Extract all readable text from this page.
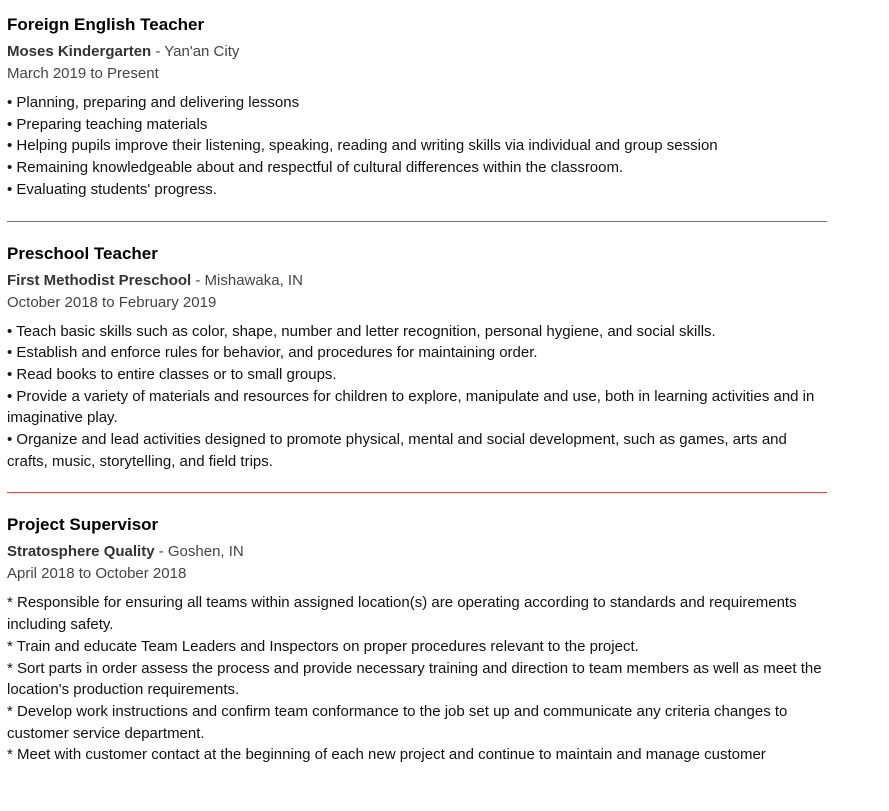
Foreign English Teacher
Moses Kindergarten - Yan'an City
March 2019 to Present
• Planning, preparing and delivering lessons
• Preparing teaching materials
• Helping pupils improve their listening, speaking, reading and writing skills via individual and group session
• Remaining knowledgeable about and respectful of cultural differences within the classroom.
• Evaluating students' progress.
Preschool Teacher
First Methodist Preschool - Mishawaka, IN
October 2018 to February 2019
• Teach basic skills such as color, shape, number and letter recognition, personal hygiene, and social skills.
• Establish and enforce rules for behavior, and procedures for maintaining order.
• Read books to entire classes or to small groups.
• Provide a variety of materials and resources for children to explore, manipulate and use, both in learning activities and in imaginative play.
• Organize and lead activities designed to promote physical, mental and social development, such as games, arts and crafts, music, storytelling, and field trips.
Project Supervisor
Stratosphere Quality - Goshen, IN
April 2018 to October 2018
* Responsible for ensuring all teams within assigned location(s) are operating according to standards and requirements including safety.
* Train and educate Team Leaders and Inspectors on proper procedures relevant to the project.
* Sort parts in order assess the process and provide necessary training and direction to team members as well as meet the location's production requirements.
* Develop work instructions and confirm team conformance to the job set up and communicate any criteria changes to customer service department.
* Meet with customer contact at the beginning of each new project and continue to maintain and manage customer
